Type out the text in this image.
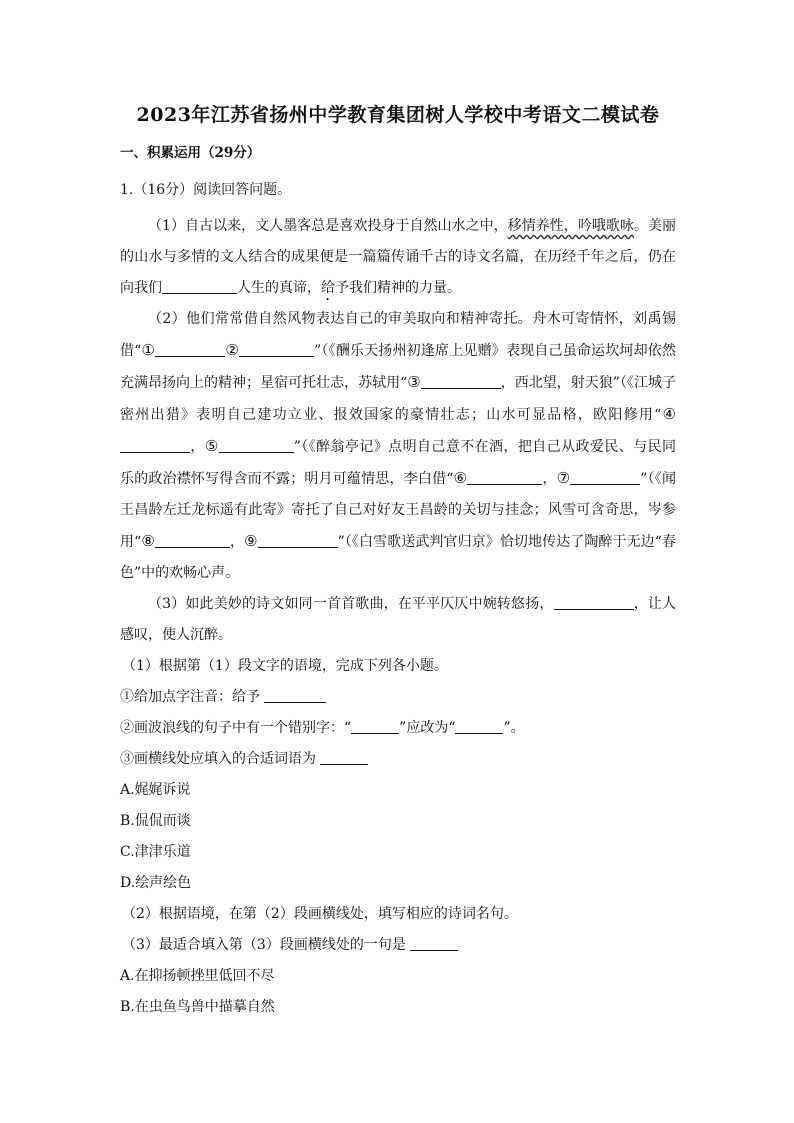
2023年江苏省扬州中学教育集团树人学校中考语文二模试卷
一、积累运用（29分）
1.（16分）阅读回答问题。

（1）自古以来，文人墨客总是喜欢投身于自然山水之中，移情养性，吟哦歌咏。美丽的山水与多情的文人结合的成果便是一篇篇传诵千古的诗文名篇，在历经千年之后，仍在向我们	人生的真谛，给予我们精神的力量。

（2）他们常常借自然风物表达自己的审美取向和精神寄托。舟木可寄情怀，刘禹锡借“①	②	”（《酬乐天扬州初逢席上见赠》表现自己虽命运坎坷却依然充满昂扬向上的精神；星宿可托壮志，苏轼用“③	，西北望，射天狼”（《江城子密州出猎》表明自己建功立业、报效国家的豪情壮志；山水可显品格，欧阳修用“④，⑤	”（《醉翁亭记》点明自己意不在酒，把自己从政爱民、与民同乐的政治襟怀写得含而不露；明月可蕴情思，李白借“⑥	，⑦	”（《闻王昌龄左迁龙标遥有此寄》寄托了自己对好友王昌龄的关切与挂念；风雪可含奇思，岑参用“⑧	，⑨	”（《白雪歌送武判官归京》恰切地传达了陶醉于无边“春色”中的欢畅心声。

（3）如此美妙的诗文如同一首首歌曲，在平平仄仄中婉转悠扬，	，让人感叹，使人沉醉。

（1）根据第（1）段文字的语境，完成下列各小题。

①给加点字注音：给予

②画波浪线的句子中有一个错别字：“	”应改为“	”。

③画横线处应填入的合适词语为

A.娓娓诉说

B.侃侃而谈

C.津津乐道

D.绘声绘色

（2）根据语境，在第（2）段画横线处，填写相应的诗词名句。

（3）最适合填入第（3）段画横线处的一句是

A.在抑扬顿挫里低回不尽

B.在虫鱼鸟兽中描摹自然
